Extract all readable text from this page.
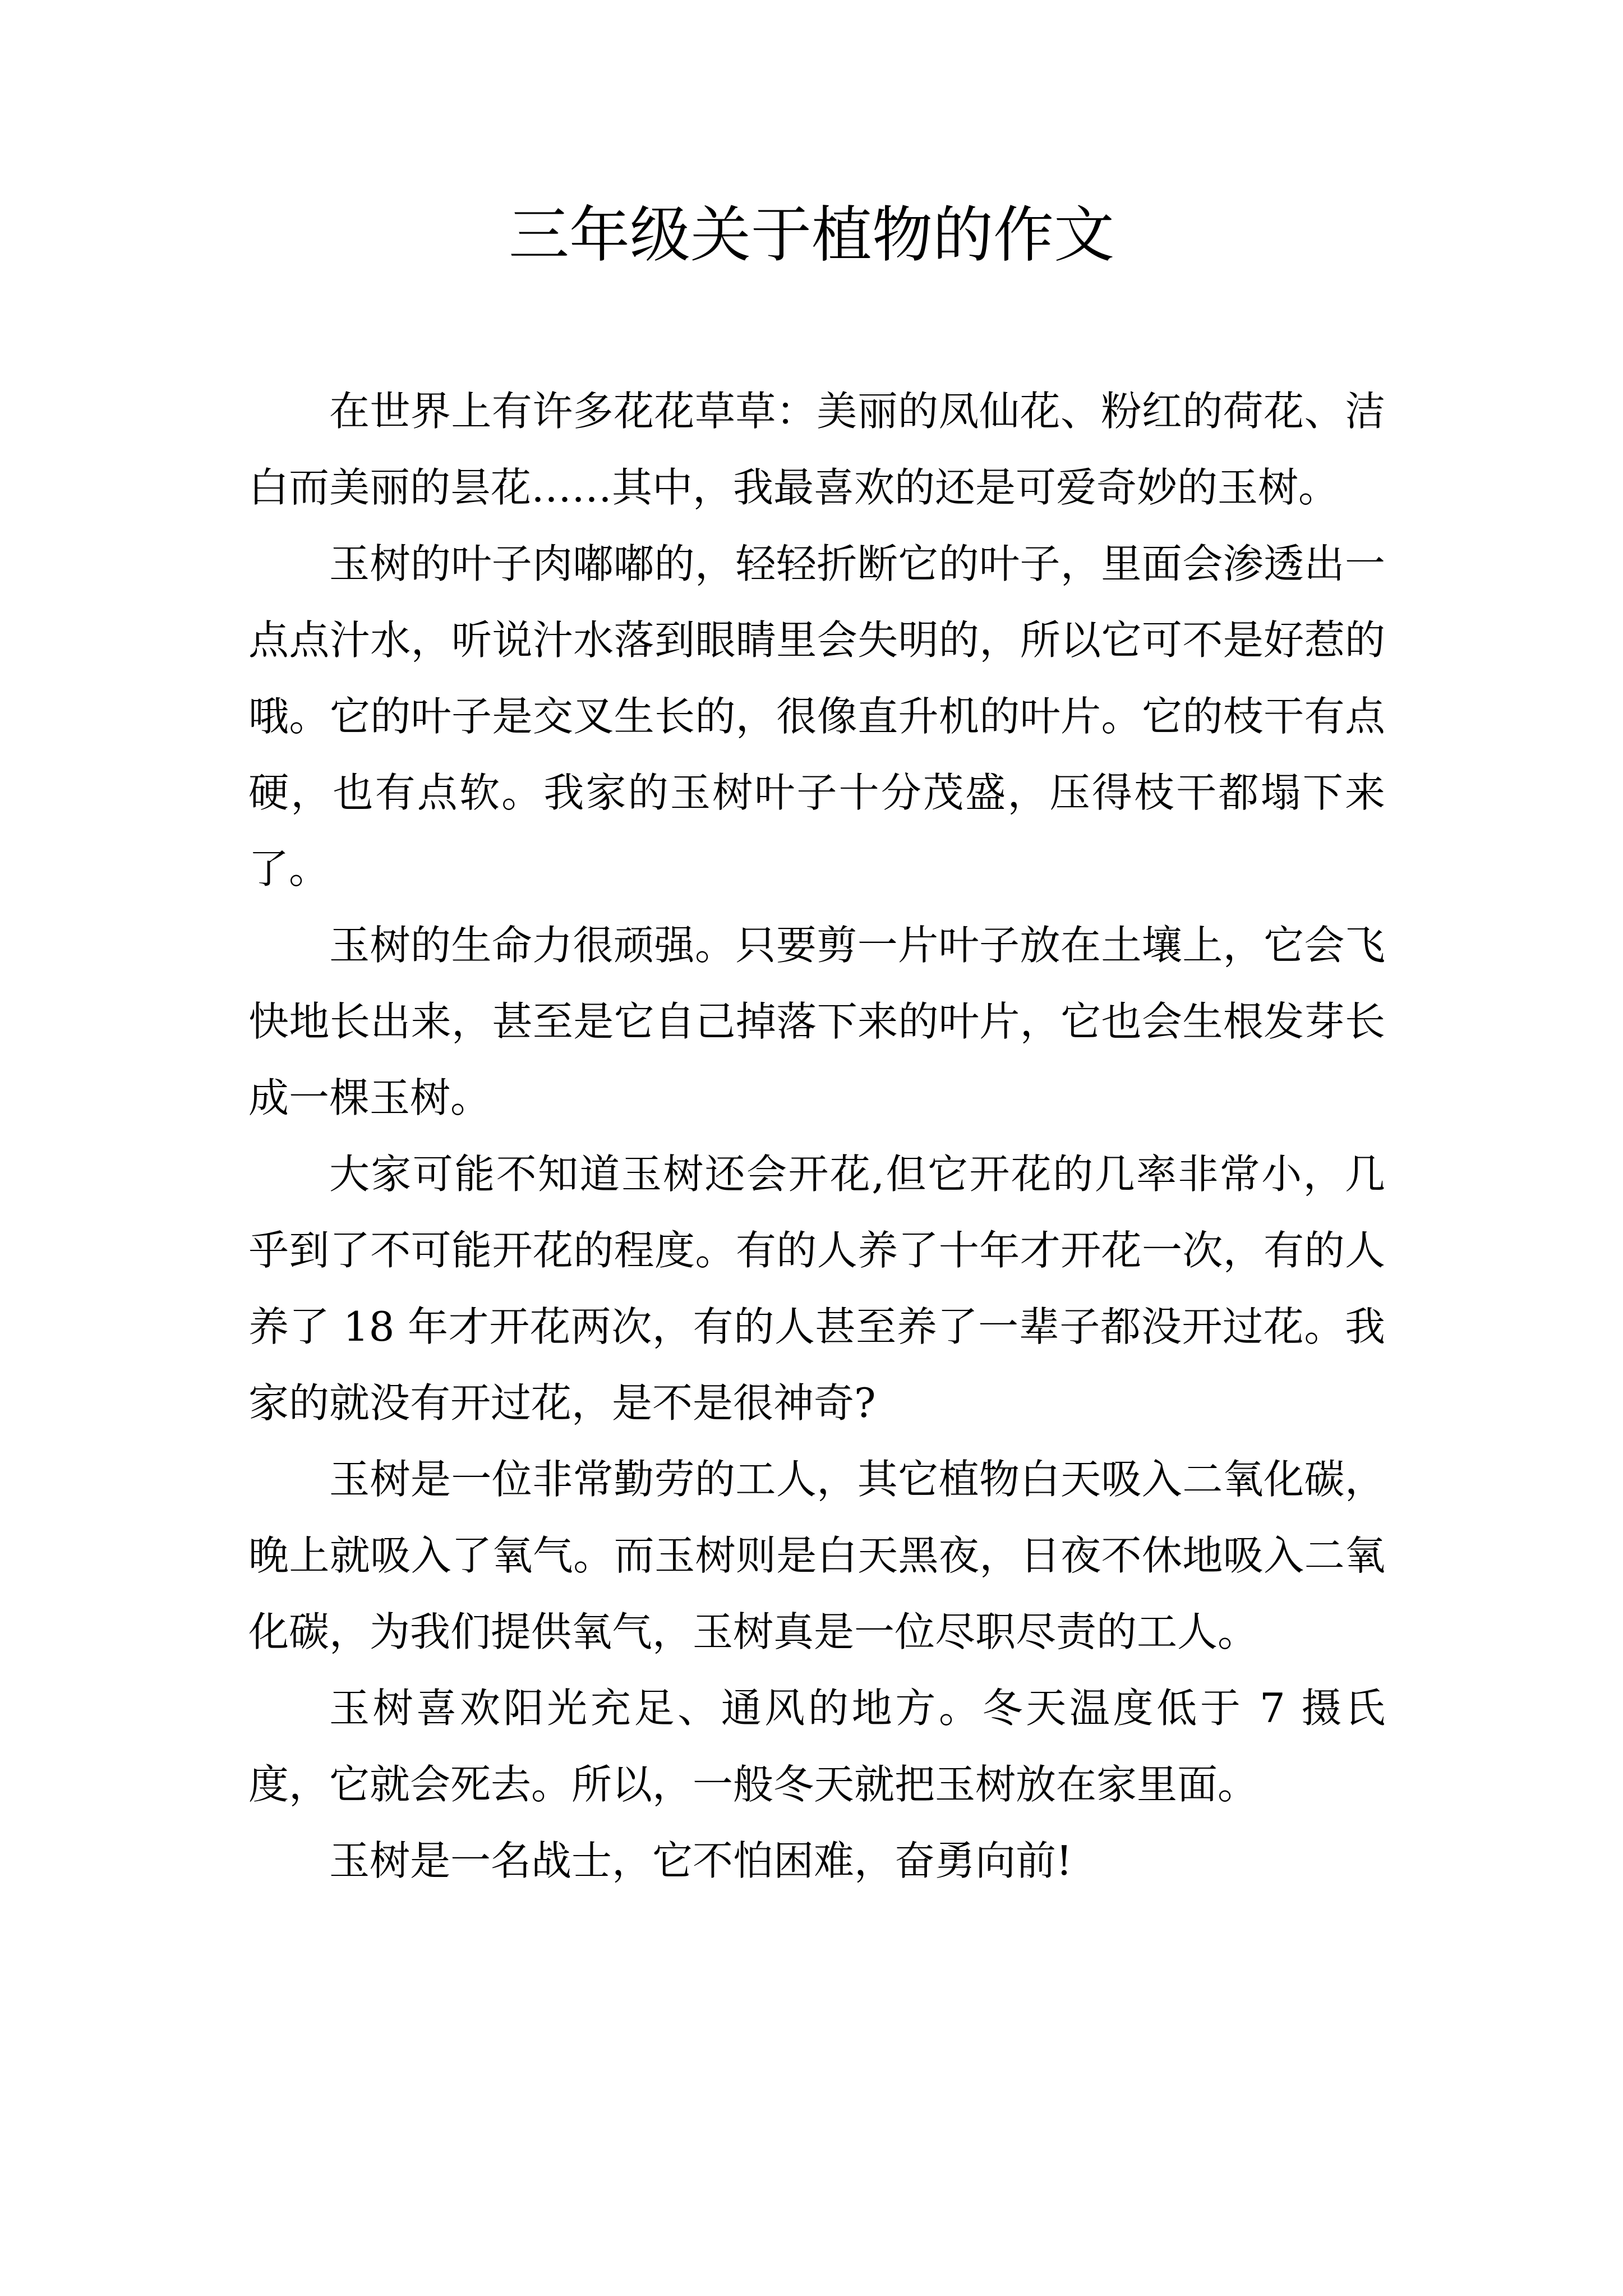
三年级关于植物的作文

在世界上有许多花花草草：美丽的凤仙花、粉红的荷花、洁白而美丽的昙花……其中，我最喜欢的还是可爱奇妙的玉树。

玉树的叶子肉嘟嘟的，轻轻折断它的叶子，里面会渗透出一点点汁水，听说汁水落到眼睛里会失明的，所以它可不是好惹的哦。它的叶子是交叉生长的，很像直升机的叶片。它的枝干有点硬，也有点软。我家的玉树叶子十分茂盛，压得枝干都塌下来了。

玉树的生命力很顽强。只要剪一片叶子放在土壤上，它会飞快地长出来，甚至是它自己掉落下来的叶片，它也会生根发芽长成一棵玉树。

大家可能不知道玉树还会开花,但它开花的几率非常小，几乎到了不可能开花的程度。有的人养了十年才开花一次，有的人养了 18 年才开花两次，有的人甚至养了一辈子都没开过花。我家的就没有开过花，是不是很神奇?

玉树是一位非常勤劳的工人，其它植物白天吸入二氧化碳，晚上就吸入了氧气。而玉树则是白天黑夜，日夜不休地吸入二氧化碳，为我们提供氧气，玉树真是一位尽职尽责的工人。

玉树喜欢阳光充足、通风的地方。冬天温度低于 7 摄氏度，它就会死去。所以，一般冬天就把玉树放在家里面。

玉树是一名战士，它不怕困难，奋勇向前!
